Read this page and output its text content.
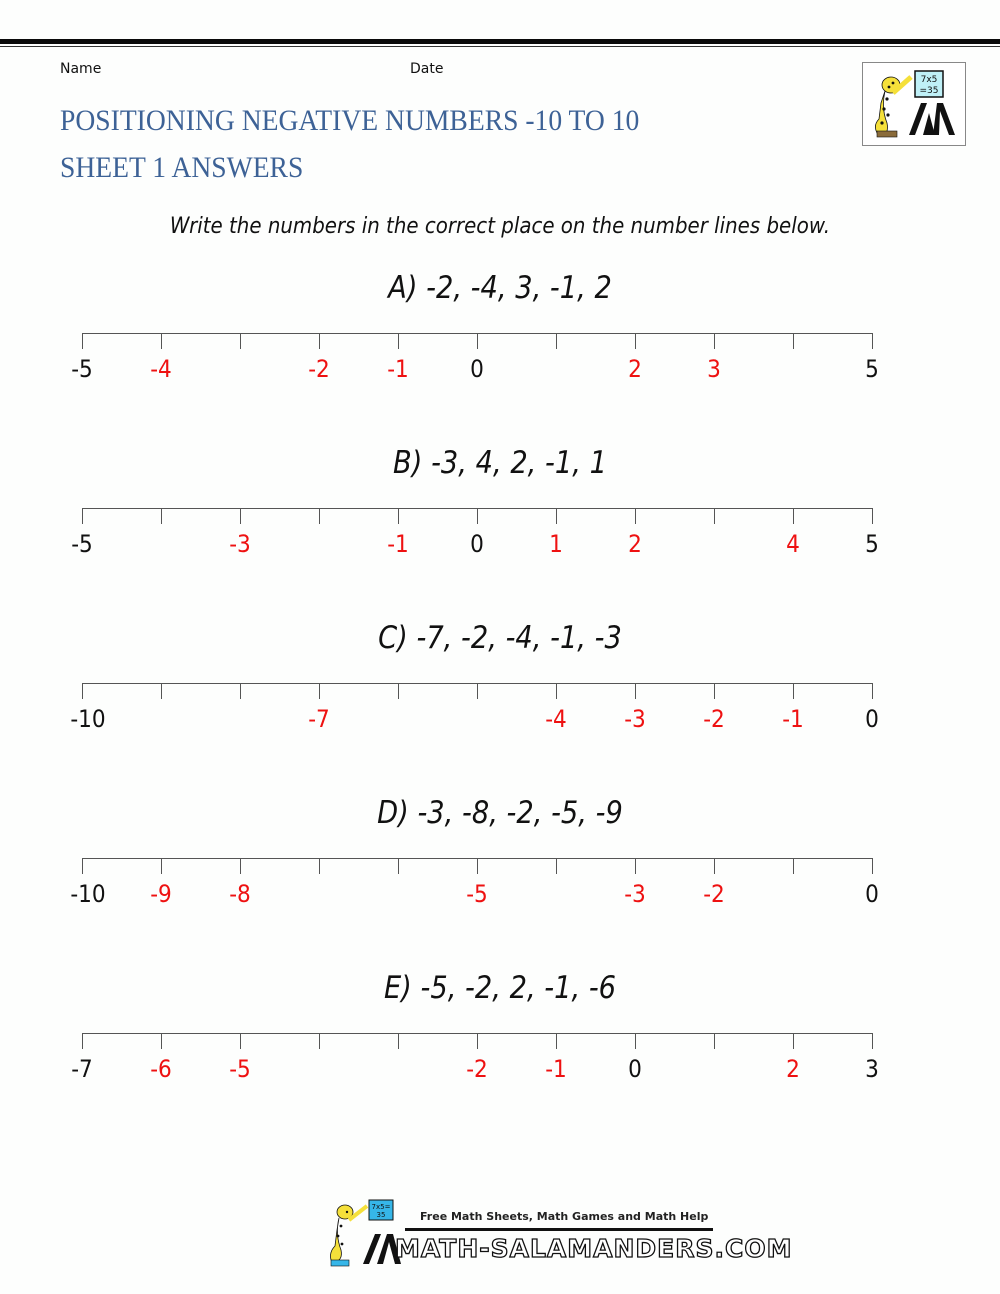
Name	Date
POSITIONING NEGATIVE NUMBERS -10 TO 10
SHEET 1 ANSWERS
7x5
=35
Write the numbers in the correct place on the number lines below.
A) -2, -4, 3, -1, 2
-5	-4	-2	-1	0	2	3	5
B) -3, 4, 2, -1, 1
-5	-3	-1	0	1	2	4	5
C) -7, -2, -4, -1, -3
-10	-7	-4	-3	-2	-1	0
D) -3, -8, -2, -5, -9
-10	-9	-8	-5	-3	-2	0
E) -5, -2, 2, -1, -6
-7	-6	-5	-2	-1	0	2	3
7x5=
35	Free Math Sheets, Math Games and Math Help
MATH-SALAMANDERS.COM
